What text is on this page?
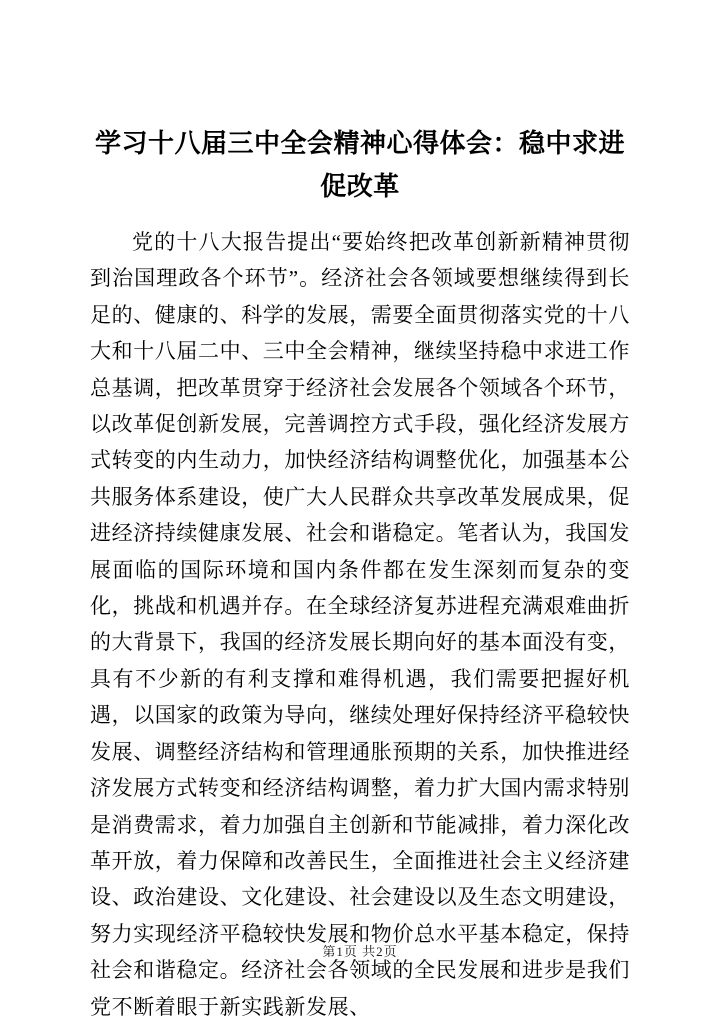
学习十八届三中全会精神心得体会：稳中求进促改革

党的十八大报告提出“要始终把改革创新新精神贯彻到治国理政各个环节”。经济社会各领域要想继续得到长足的、健康的、科学的发展，需要全面贯彻落实党的十八大和十八届二中、三中全会精神，继续坚持稳中求进工作总基调，把改革贯穿于经济社会发展各个领域各个环节，以改革促创新发展，完善调控方式手段，强化经济发展方式转变的内生动力，加快经济结构调整优化，加强基本公共服务体系建设，使广大人民群众共享改革发展成果，促进经济持续健康发展、社会和谐稳定。笔者认为，我国发展面临的国际环境和国内条件都在发生深刻而复杂的变化，挑战和机遇并存。在全球经济复苏进程充满艰难曲折的大背景下，我国的经济发展长期向好的基本面没有变，具有不少新的有利支撑和难得机遇，我们需要把握好机遇，以国家的政策为导向，继续处理好保持经济平稳较快发展、调整经济结构和管理通胀预期的关系，加快推进经济发展方式转变和经济结构调整，着力扩大国内需求特别是消费需求，着力加强自主创新和节能减排，着力深化改革开放，着力保障和改善民生，全面推进社会主义经济建设、政治建设、文化建设、社会建设以及生态文明建设，努力实现经济平稳较快发展和物价总水平基本稳定，保持社会和谐稳定。经济社会各领域的全民发展和进步是我们党不断着眼于新实践新发展、

第1页 共2页
